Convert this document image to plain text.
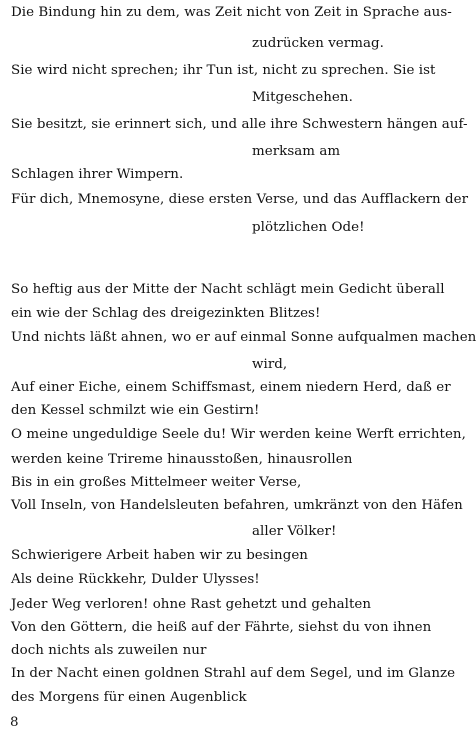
Die Bindung hin zu dem, was Zeit nicht von Zeit in Sprache aus-
zudrücken vermag.
Sie wird nicht sprechen; ihr Tun ist, nicht zu sprechen. Sie ist
Mitgeschehen.
Sie besitzt, sie erinnert sich, und alle ihre Schwestern hängen auf-
merksam am
Schlagen ihrer Wimpern.
Für dich, Mnemosyne, diese ersten Verse, und das Aufflackern der
plötzlichen Ode!
So heftig aus der Mitte der Nacht schlägt mein Gedicht überall
ein wie der Schlag des dreigezinkten Blitzes!
Und nichts läßt ahnen, wo er auf einmal Sonne aufqualmen machen
wird,
Auf einer Eiche, einem Schiffsmast, einem niedern Herd, daß er
den Kessel schmilzt wie ein Gestirn!
O meine ungeduldige Seele du! Wir werden keine Werft errichten,
werden keine Trireme hinausstoßen, hinausrollen
Bis in ein großes Mittelmeer weiter Verse,
Voll Inseln, von Handelsleuten befahren, umkränzt von den Häfen
aller Völker!
Schwierigere Arbeit haben wir zu besingen
Als deine Rückkehr, Dulder Ulysses!
Jeder Weg verloren! ohne Rast gehetzt und gehalten
Von den Göttern, die heiß auf der Fährte, siehst du von ihnen
doch nichts als zuweilen nur
In der Nacht einen goldnen Strahl auf dem Segel, und im Glanze
des Morgens für einen Augenblick
8
